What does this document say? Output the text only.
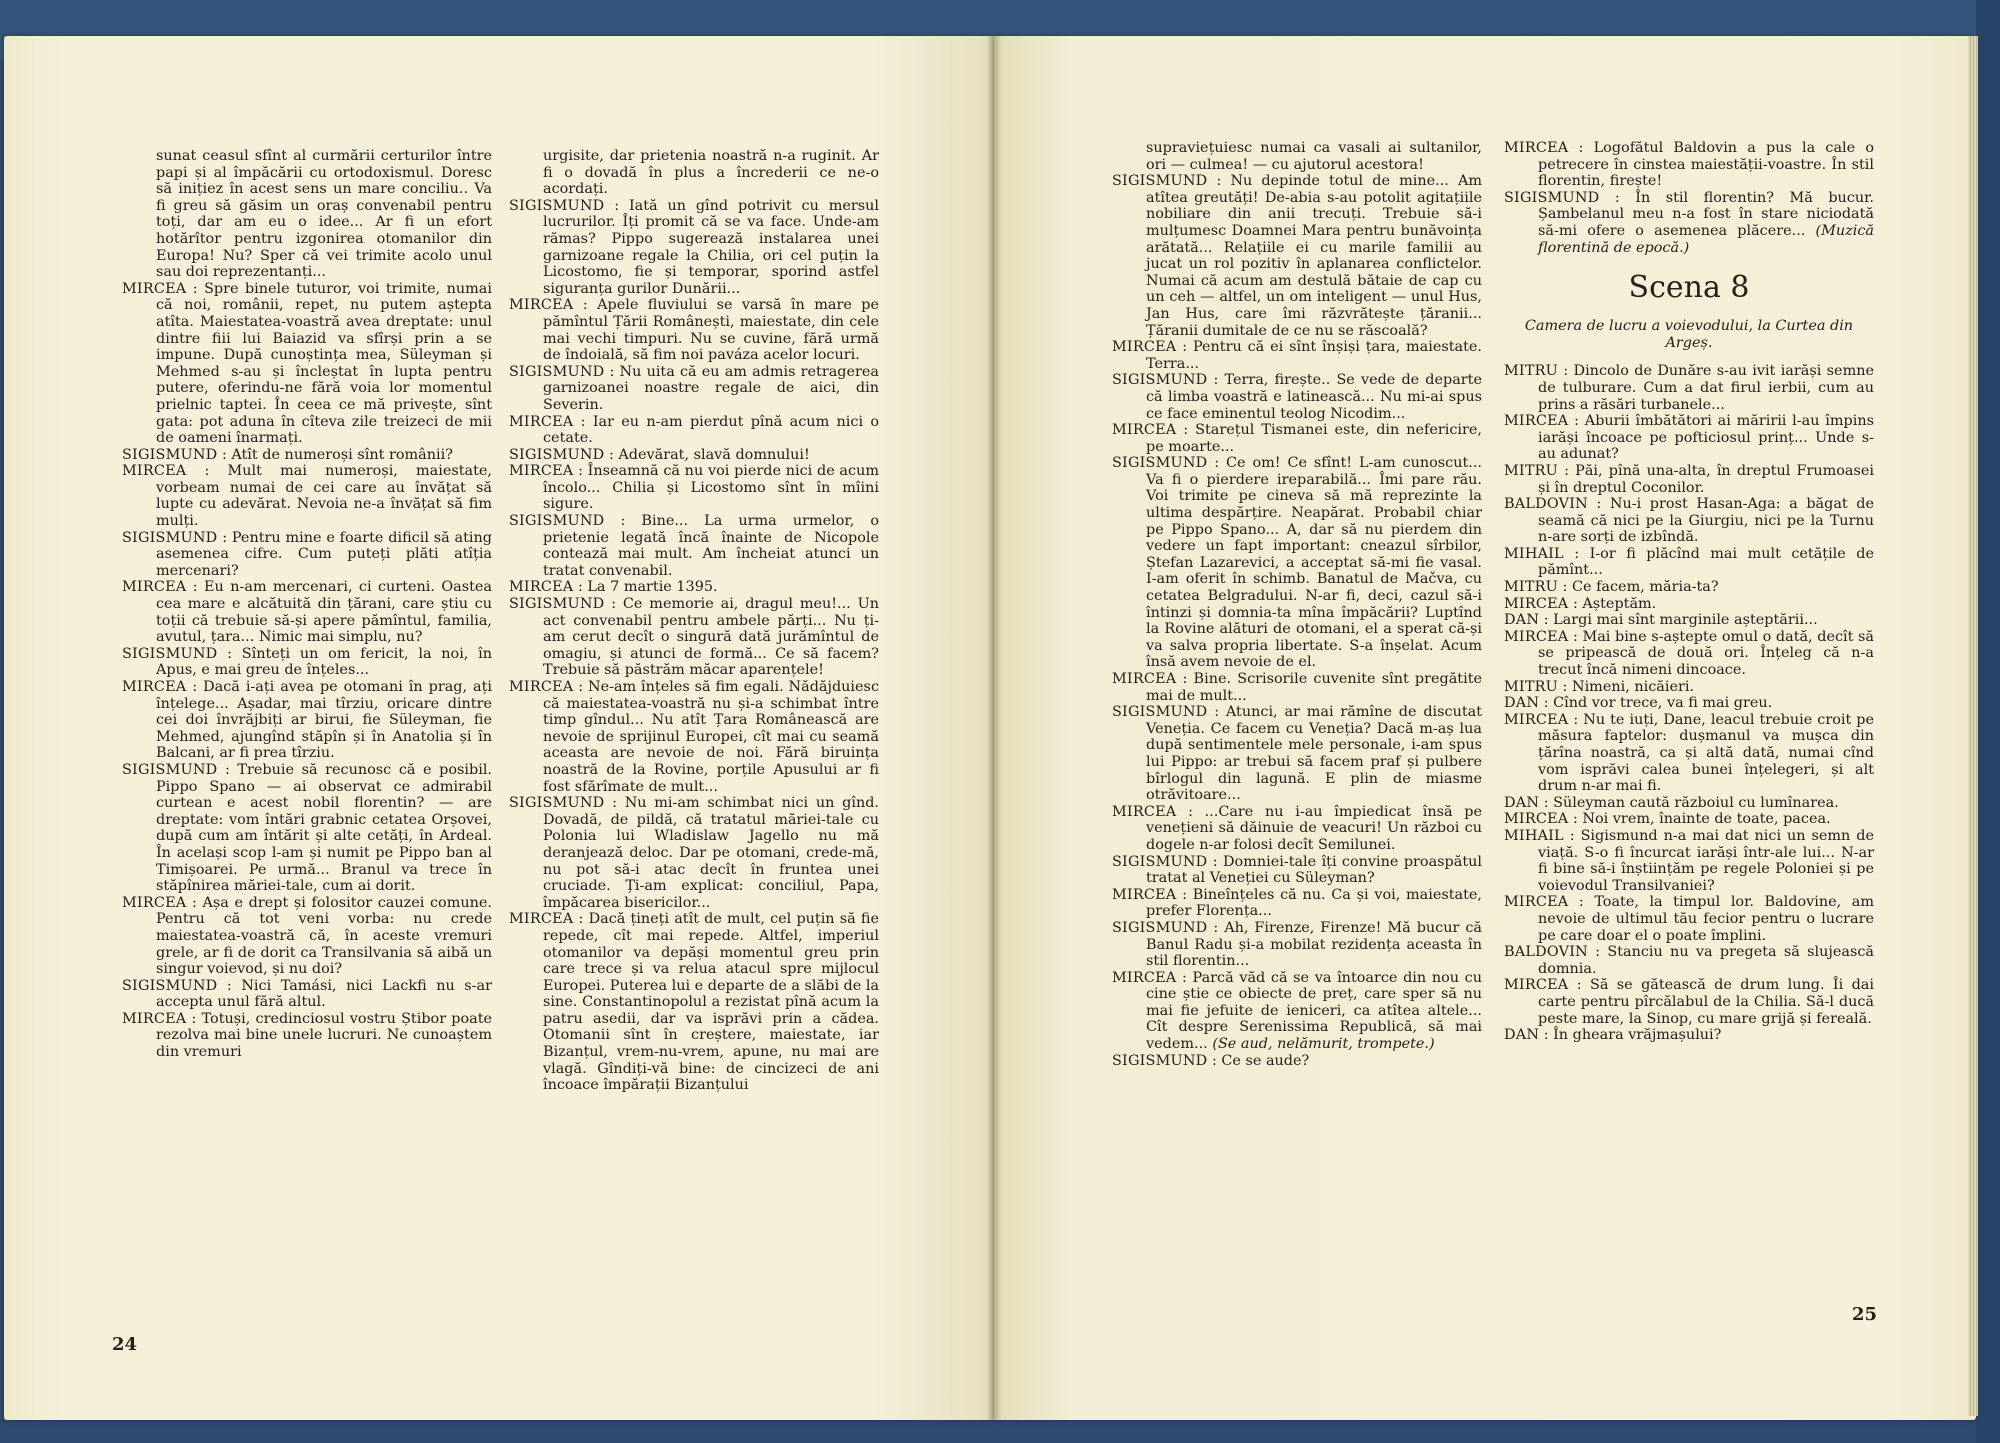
sunat ceasul sfînt al curmării certurilor între papi și al împăcării cu ortodoxismul. Doresc să inițiez în acest sens un mare conciliu.. Va fi greu să găsim un oraș convenabil pentru toți, dar am eu o idee... Ar fi un efort hotărîtor pentru izgonirea otomanilor din Europa! Nu? Sper că vei trimite acolo unul sau doi reprezentanți...

MIRCEA : Spre binele tuturor, voi trimite, numai că noi, românii, repet, nu putem aștepta atîta. Maiestatea-voastră avea dreptate: unul dintre fiii lui Baiazid va sfîrși prin a se impune. După cunoștința mea, Süleyman și Mehmed s-au și încleștat în lupta pentru putere, oferindu-ne fără voia lor momentul prielnic taptei. În ceea ce mă privește, sînt gata: pot aduna în cîteva zile treizeci de mii de oameni înarmați.

SIGISMUND : Atît de numeroși sînt românii?

MIRCEA : Mult mai numeroși, maiestate, vorbeam numai de cei care au învățat să lupte cu adevărat. Nevoia ne-a învățat să fim mulți.

SIGISMUND : Pentru mine e foarte dificil să ating asemenea cifre. Cum puteți plăti atîția mercenari?

MIRCEA : Eu n-am mercenari, ci curteni. Oastea cea mare e alcătuită din țărani, care știu cu toții că trebuie să-și apere pămîntul, familia, avutul, țara... Nimic mai simplu, nu?

SIGISMUND : Sînteți un om fericit, la noi, în Apus, e mai greu de înțeles...

MIRCEA : Dacă i-ați avea pe otomani în prag, ați înțelege... Așadar, mai tîrziu, oricare dintre cei doi învrăjbiți ar birui, fie Süleyman, fie Mehmed, ajungînd stăpîn și în Anatolia și în Balcani, ar fi prea tîrziu.

SIGISMUND : Trebuie să recunosc că e posibil. Pippo Spano — ai observat ce admirabil curtean e acest nobil florentin? — are dreptate: vom întări grabnic cetatea Orșovei, după cum am întărit și alte cetăți, în Ardeal. În același scop l-am și numit pe Pippo ban al Timișoarei. Pe urmă... Branul va trece în stăpînirea măriei-tale, cum ai dorit.

MIRCEA : Așa e drept și folositor cauzei comune. Pentru că tot veni vorba: nu crede maiestatea-voastră că, în aceste vremuri grele, ar fi de dorit ca Transilvania să aibă un singur voievod, și nu doi?

SIGISMUND : Nici Tamási, nici Lackfi nu s-ar accepta unul fără altul.

MIRCEA : Totuși, credinciosul vostru Știbor poate rezolva mai bine unele lucruri. Ne cunoaștem din vremuri

urgisite, dar prietenia noastră n-a ruginit. Ar fi o dovadă în plus a încrederii ce ne-o acordați.

SIGISMUND : Iată un gînd potrivit cu mersul lucrurilor. Îți promit că se va face. Unde-am rămas? Pippo sugerează instalarea unei garnizoane regale la Chilia, ori cel puțin la Licostomo, fie și temporar, sporind astfel siguranța gurilor Dunării...

MIRCEA : Apele fluviului se varsă în mare pe pămîntul Țării Românești, maiestate, din cele mai vechi timpuri. Nu se cuvine, fără urmă de îndoială, să fim noi paváza acelor locuri.

SIGISMUND : Nu uita că eu am admis retragerea garnizoanei noastre regale de aici, din Severin.

MIRCEA : Iar eu n-am pierdut pînă acum nici o cetate.

SIGISMUND : Adevărat, slavă domnului!

MIRCEA : Înseamnă că nu voi pierde nici de acum încolo... Chilia și Licostomo sînt în mîini sigure.

SIGISMUND : Bine... La urma urmelor, o prietenie legată încă înainte de Nicopole contează mai mult. Am încheiat atunci un tratat convenabil.

MIRCEA : La 7 martie 1395.

SIGISMUND : Ce memorie ai, dragul meu!... Un act convenabil pentru ambele părți... Nu ți-am cerut decît o singură dată jurămîntul de omagiu, și atunci de formă... Ce să facem? Trebuie să păstrăm măcar aparențele!

MIRCEA : Ne-am înțeles să fim egali. Nădăjduiesc că maiestatea-voastră nu și-a schimbat între timp gîndul... Nu atît Țara Românească are nevoie de sprijinul Europei, cît mai cu seamă aceasta are nevoie de noi. Fără biruința noastră de la Rovine, porțile Apusului ar fi fost sfărîmate de mult...

SIGISMUND : Nu mi-am schimbat nici un gînd. Dovadă, de pildă, că tratatul măriei-tale cu Polonia lui Wladislaw Jagello nu mă deranjează deloc. Dar pe otomani, crede-mă, nu pot să-i atac decît în fruntea unei cruciade. Ți-am explicat: conciliul, Papa, împăcarea bisericilor...

MIRCEA : Dacă țineți atît de mult, cel puțin să fie repede, cît mai repede. Altfel, imperiul otomanilor va depăși momentul greu prin care trece și va relua atacul spre mijlocul Europei. Puterea lui e departe de a slăbi de la sine. Constantinopolul a rezistat pînă acum la patru asedii, dar va isprăvi prin a cădea. Otomanii sînt în creștere, maiestate, iar Bizanțul, vrem-nu-vrem, apune, nu mai are vlagă. Gîndiți-vă bine: de cincizeci de ani încoace împărații Bizanțului

24

supraviețuiesc numai ca vasali ai sultanilor, ori — culmea! — cu ajutorul acestora!

SIGISMUND : Nu depinde totul de mine... Am atîtea greutăți! De-abia s-au potolit agitațiile nobiliare din anii trecuți. Trebuie să-i mulțumesc Doamnei Mara pentru bunăvoința arătată... Relațiile ei cu marile familii au jucat un rol pozitiv în aplanarea conflictelor. Numai că acum am destulă bătaie de cap cu un ceh — altfel, un om inteligent — unul Hus, Jan Hus, care îmi răzvrătește țăranii... Țăranii dumitale de ce nu se răscoală?

MIRCEA : Pentru că ei sînt înșiși țara, maiestate. Terra...

SIGISMUND : Terra, firește.. Se vede de departe că limba voastră e latinească... Nu mi-ai spus ce face eminentul teolog Nicodim...

MIRCEA : Starețul Tismanei este, din nefericire, pe moarte...

SIGISMUND : Ce om! Ce sfînt! L-am cunoscut... Va fi o pierdere ireparabilă... Îmi pare rău. Voi trimite pe cineva să mă reprezinte la ultima despărțire. Neapărat. Probabil chiar pe Pippo Spano... A, dar să nu pierdem din vedere un fapt important: cneazul sîrbilor, Ștefan Lazarevici, a acceptat să-mi fie vasal. I-am oferit în schimb. Banatul de Mačva, cu cetatea Belgradului. N-ar fi, deci, cazul să-i întinzi și domnia-ta mîna împăcării? Luptînd la Rovine alături de otomani, el a sperat că-și va salva propria libertate. S-a înșelat. Acum însă avem nevoie de el.

MIRCEA : Bine. Scrisorile cuvenite sînt pregătite mai de mult...

SIGISMUND : Atunci, ar mai rămîne de discutat Veneția. Ce facem cu Veneția? Dacă m-aș lua după sentimentele mele personale, i-am spus lui Pippo: ar trebui să facem praf și pulbere bîrlogul din lagună. E plin de miasme otrăvitoare...

MIRCEA : ...Care nu i-au împiedicat însă pe venețieni să dăinuie de veacuri! Un război cu dogele n-ar folosi decît Semilunei.

SIGISMUND : Domniei-tale îți convine proaspătul tratat al Veneției cu Süleyman?

MIRCEA : Bineînțeles că nu. Ca și voi, maiestate, prefer Florența...

SIGISMUND : Ah, Firenze, Firenze! Mă bucur că Banul Radu și-a mobilat rezidența aceasta în stil florentin...

MIRCEA : Parcă văd că se va întoarce din nou cu cine știe ce obiecte de preț, care sper să nu mai fie jefuite de ieniceri, ca atîtea altele... Cît despre Serenissima Republică, să mai vedem... (Se aud, nelămurit, trompete.)

SIGISMUND : Ce se aude?

MIRCEA : Logofătul Baldovin a pus la cale o petrecere în cinstea maiestății-voastre. În stil florentin, firește!

SIGISMUND : În stil florentin? Mă bucur. Șambelanul meu n-a fost în stare niciodată să-mi ofere o asemenea plăcere... (Muzică florentină de epocă.)

Scena 8
Camera de lucru a voievodului, la Curtea din Argeș.

MITRU : Dincolo de Dunăre s-au ivit iarăși semne de tulburare. Cum a dat firul ierbii, cum au prins a răsări turbanele...

MIRCEA : Aburii îmbătători ai măririi l-au împins iarăși încoace pe pofticiosul prinț... Unde s-au adunat?

MITRU : Păi, pînă una-alta, în dreptul Frumoasei și în dreptul Coconilor.

BALDOVIN : Nu-i prost Hasan-Aga: a băgat de seamă că nici pe la Giurgiu, nici pe la Turnu n-are sorți de izbîndă.

MIHAIL : I-or fi plăcînd mai mult cetățile de pămînt...

MITRU : Ce facem, măria-ta?

MIRCEA : Așteptăm.

DAN : Largi mai sînt marginile așteptării...

MIRCEA : Mai bine s-aștepte omul o dată, decît să se pripească de două ori. Înțeleg că n-a trecut încă nimeni dincoace.

MITRU : Nimeni, nicăieri.

DAN : Cînd vor trece, va fi mai greu.

MIRCEA : Nu te iuți, Dane, leacul trebuie croit pe măsura faptelor: dușmanul va mușca din țărîna noastră, ca și altă dată, numai cînd vom isprăvi calea bunei înțelegeri, și alt drum n-ar mai fi.

DAN : Süleyman caută războiul cu lumînarea.

MIRCEA : Noi vrem, înainte de toate, pacea.

MIHAIL : Sigismund n-a mai dat nici un semn de viață. S-o fi încurcat iarăși într-ale lui... N-ar fi bine să-i înștiințăm pe regele Poloniei și pe voievodul Transilvaniei?

MIRCEA : Toate, la timpul lor. Baldovine, am nevoie de ultimul tău fecior pentru o lucrare pe care doar el o poate împlini.

BALDOVIN : Stanciu nu va pregeta să slujească domnia.

MIRCEA : Să se gătească de drum lung. Îi dai carte pentru pîrcălabul de la Chilia. Să-l ducă peste mare, la Sinop, cu mare grijă și fereală.

DAN : În gheara vrăjmașului?

25
